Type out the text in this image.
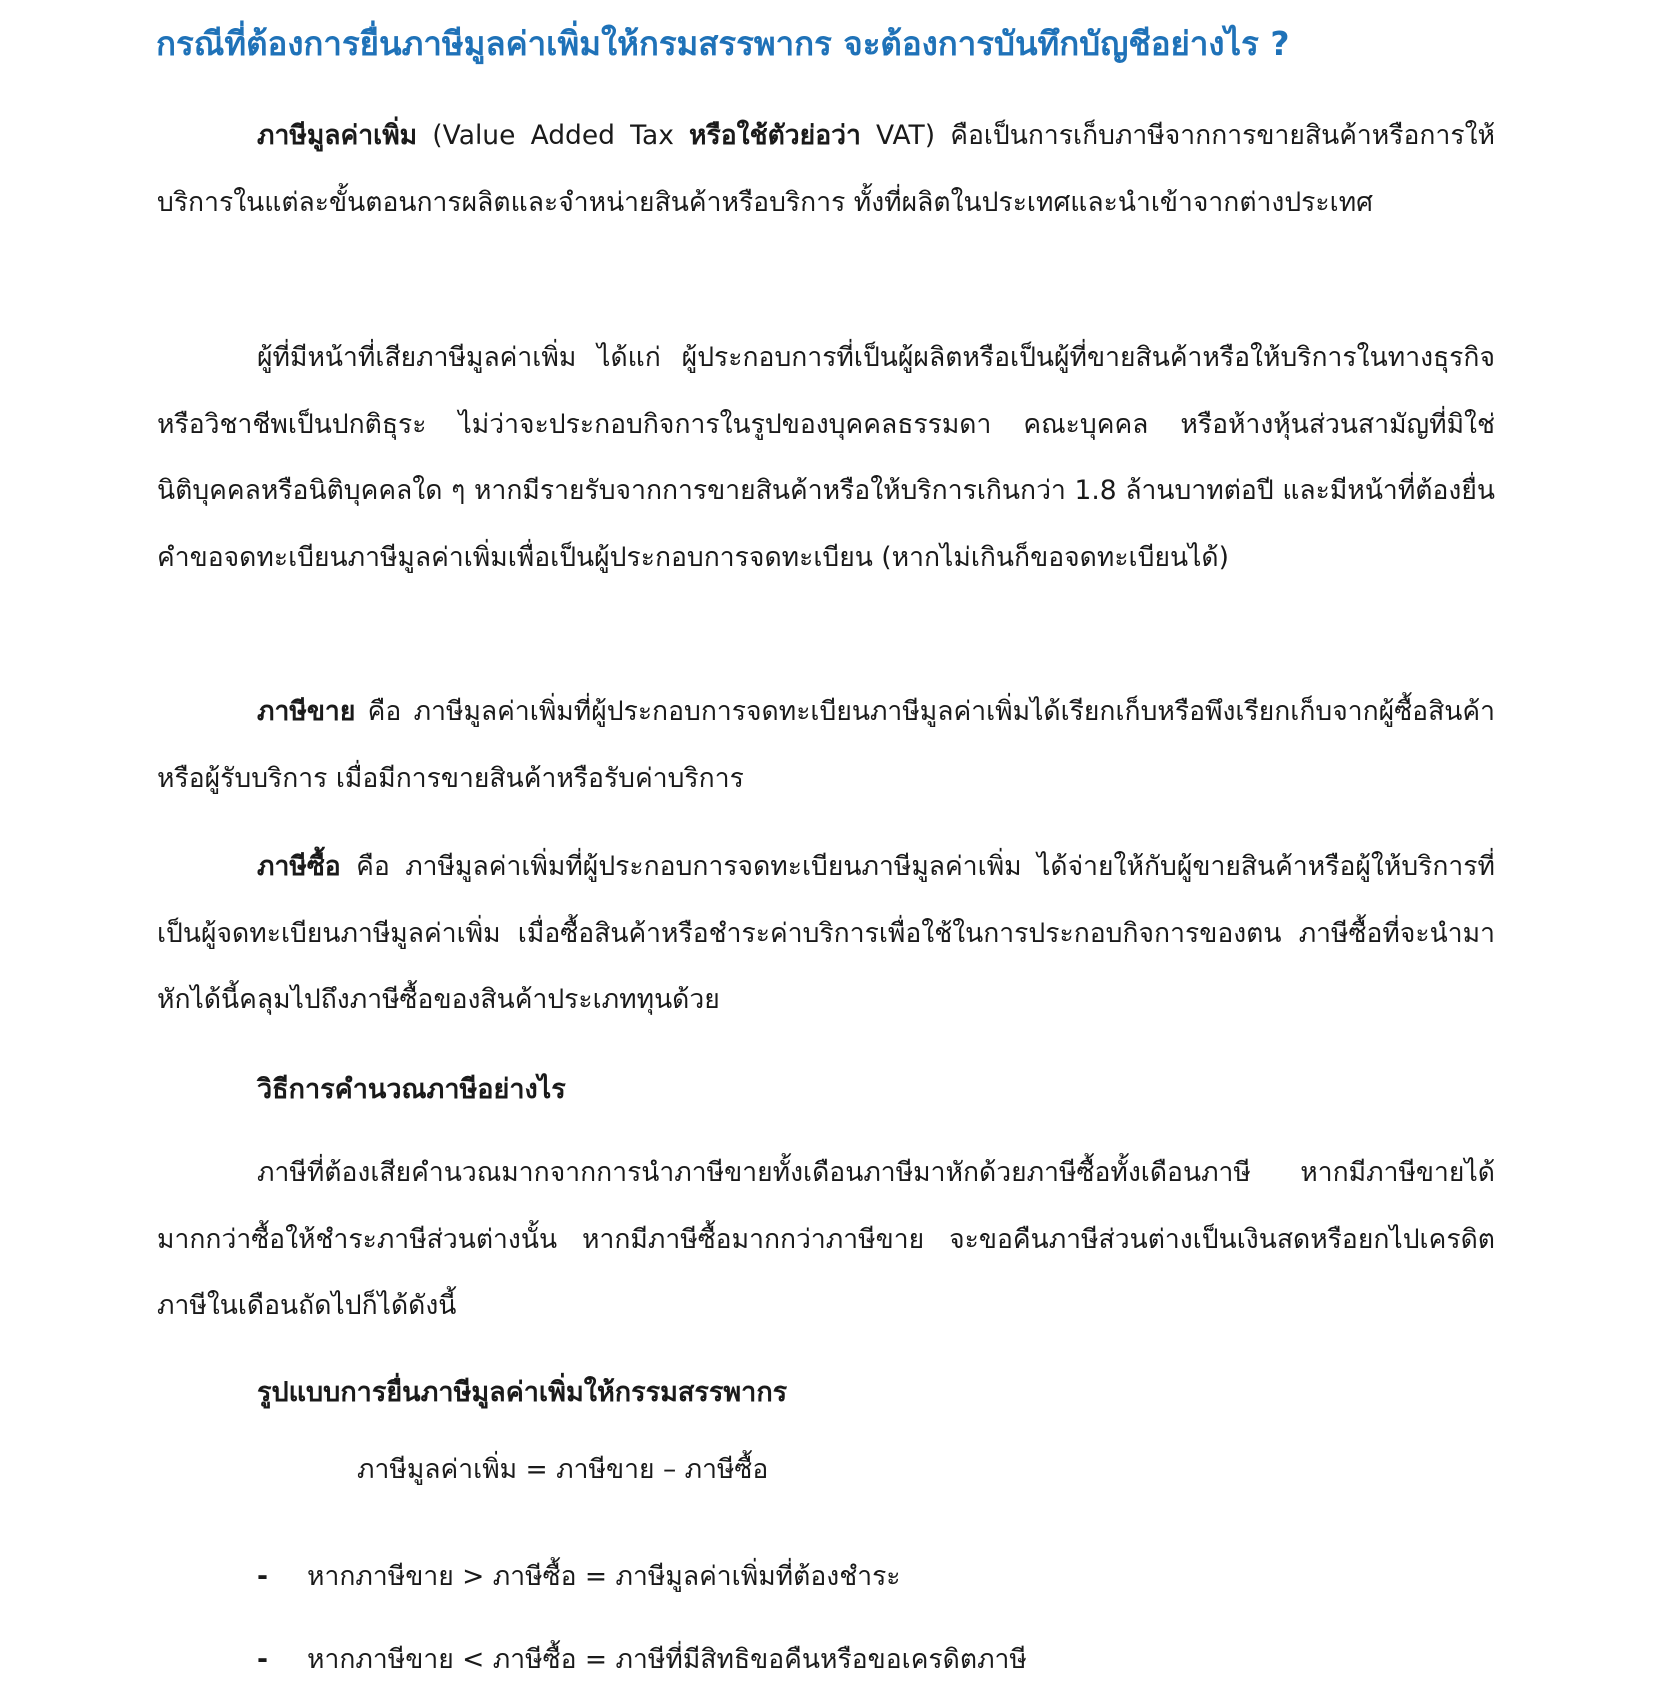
กรณีที่ต้องการยื่นภาษีมูลค่าเพิ่มให้กรมสรรพากร จะต้องการบันทึกบัญชีอย่างไร ?

ภาษีมูลค่าเพิ่ม (Value Added Tax หรือใช้ตัวย่อว่า VAT) คือเป็นการเก็บภาษีจากการขายสินค้าหรือการให้บริการในแต่ละขั้นตอนการผลิตและจำหน่ายสินค้าหรือบริการ ทั้งที่ผลิตในประเทศและนำเข้าจากต่างประเทศ

ผู้ที่มีหน้าที่เสียภาษีมูลค่าเพิ่ม ได้แก่ ผู้ประกอบการที่เป็นผู้ผลิตหรือเป็นผู้ที่ขายสินค้าหรือให้บริการในทางธุรกิจหรือวิชาชีพเป็นปกติธุระ ไม่ว่าจะประกอบกิจการในรูปของบุคคลธรรมดา คณะบุคคล หรือห้างหุ้นส่วนสามัญที่มิใช่นิติบุคคลหรือนิติบุคคลใด ๆ หากมีรายรับจากการขายสินค้าหรือให้บริการเกินกว่า 1.8 ล้านบาทต่อปี และมีหน้าที่ต้องยื่นคำขอจดทะเบียนภาษีมูลค่าเพิ่มเพื่อเป็นผู้ประกอบการจดทะเบียน (หากไม่เกินก็ขอจดทะเบียนได้)

ภาษีขาย คือ ภาษีมูลค่าเพิ่มที่ผู้ประกอบการจดทะเบียนภาษีมูลค่าเพิ่มได้เรียกเก็บหรือพึงเรียกเก็บจากผู้ซื้อสินค้าหรือผู้รับบริการ เมื่อมีการขายสินค้าหรือรับค่าบริการ

ภาษีซื้อ คือ ภาษีมูลค่าเพิ่มที่ผู้ประกอบการจดทะเบียนภาษีมูลค่าเพิ่ม ได้จ่ายให้กับผู้ขายสินค้าหรือผู้ให้บริการที่เป็นผู้จดทะเบียนภาษีมูลค่าเพิ่ม เมื่อซื้อสินค้าหรือชำระค่าบริการเพื่อใช้ในการประกอบกิจการของตน ภาษีซื้อที่จะนำมาหักได้นี้คลุมไปถึงภาษีซื้อของสินค้าประเภททุนด้วย

วิธีการคำนวณภาษีอย่างไร

ภาษีที่ต้องเสียคำนวณมากจากการนำภาษีขายทั้งเดือนภาษีมาหักด้วยภาษีซื้อทั้งเดือนภาษี หากมีภาษีขายได้มากกว่าซื้อให้ชำระภาษีส่วนต่างนั้น หากมีภาษีซื้อมากกว่าภาษีขาย จะขอคืนภาษีส่วนต่างเป็นเงินสดหรือยกไปเครดิตภาษีในเดือนถัดไปก็ได้ดังนี้

รูปแบบการยื่นภาษีมูลค่าเพิ่มให้กรรมสรรพากร

ภาษีมูลค่าเพิ่ม = ภาษีขาย – ภาษีซื้อ

- หากภาษีขาย > ภาษีซื้อ = ภาษีมูลค่าเพิ่มที่ต้องชำระ

- หากภาษีขาย < ภาษีซื้อ = ภาษีที่มีสิทธิขอคืนหรือขอเครดิตภาษี
